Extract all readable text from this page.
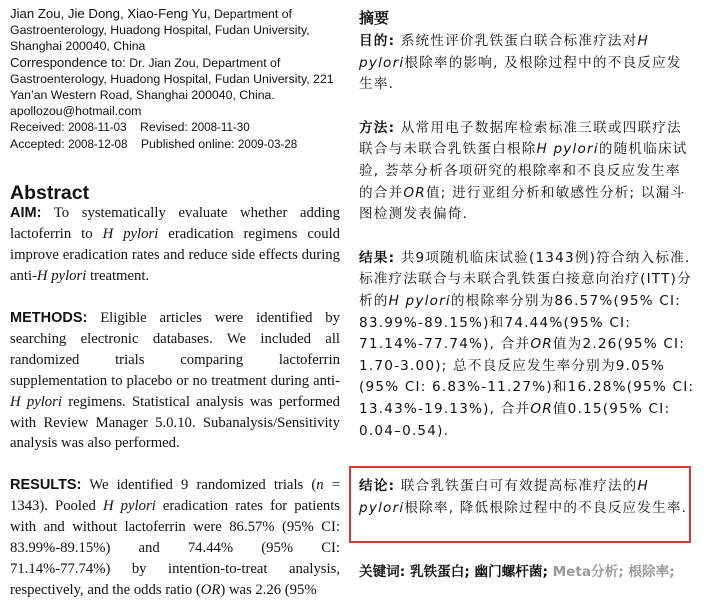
Jian Zou, Jie Dong, Xiao-Feng Yu, Department of Gastroenterology, Huadong Hospital, Fudan University, Shanghai 200040, China

Correspondence to: Dr. Jian Zou, Department of Gastroenterology, Huadong Hospital, Fudan University, 221 Yan’an Western Road, Shanghai 200040, China. apollozou@hotmail.com

Received: 2008-11-03 Revised: 2008-11-30

Accepted: 2008-12-08 Published online: 2009-03-28

Abstract

AIM: To systematically evaluate whether adding lactoferrin to H pylori eradication regimens could improve eradication rates and reduce side effects during anti-H pylori treatment.

METHODS: Eligible articles were identified by searching electronic databases. We included all randomized trials comparing lactoferrin supplementation to placebo or no treatment during anti-H pylori regimens. Statistical analysis was performed with Review Manager 5.0.10. Subanalysis/Sensitivity analysis was also performed.

RESULTS: We identified 9 randomized trials (n = 1343). Pooled H pylori eradication rates for patients with and without lactoferrin were 86.57% (95% CI: 83.99%-89.15%) and 74.44% (95% CI: 71.14%-77.74%) by intention-to-treat analysis, respectively, and the odds ratio (OR) was 2.26 (95%

摘要

目的: 系统性评价乳铁蛋白联合标准疗法对H pylori根除率的影响, 及根除过程中的不良反应发生率.

方法: 从常用电子数据库检索标准三联或四联疗法联合与未联合乳铁蛋白根除H pylori的随机临床试验, 荟萃分析各项研究的根除率和不良反应发生率的合并OR值; 进行亚组分析和敏感性分析; 以漏斗图检测发表偏倚.

结果: 共9项随机临床试验(1343例)符合纳入标准. 标准疗法联合与未联合乳铁蛋白接意向治疗(ITT)分析的H pylori的根除率分别为86.57%(95% CI: 83.99%-89.15%)和74.44%(95% CI: 71.14%-77.74%), 合并OR值为2.26(95% CI: 1.70-3.00); 总不良反应发生率分别为9.05%(95% CI: 6.83%-11.27%)和16.28%(95% CI: 13.43%-19.13%), 合并OR值0.15(95% CI: 0.04–0.54).

结论: 联合乳铁蛋白可有效提高标准疗法的H pylori根除率, 降低根除过程中的不良反应发生率.

关键词: 乳铁蛋白; 幽门螺杆菌; Meta分析; 根除率;
